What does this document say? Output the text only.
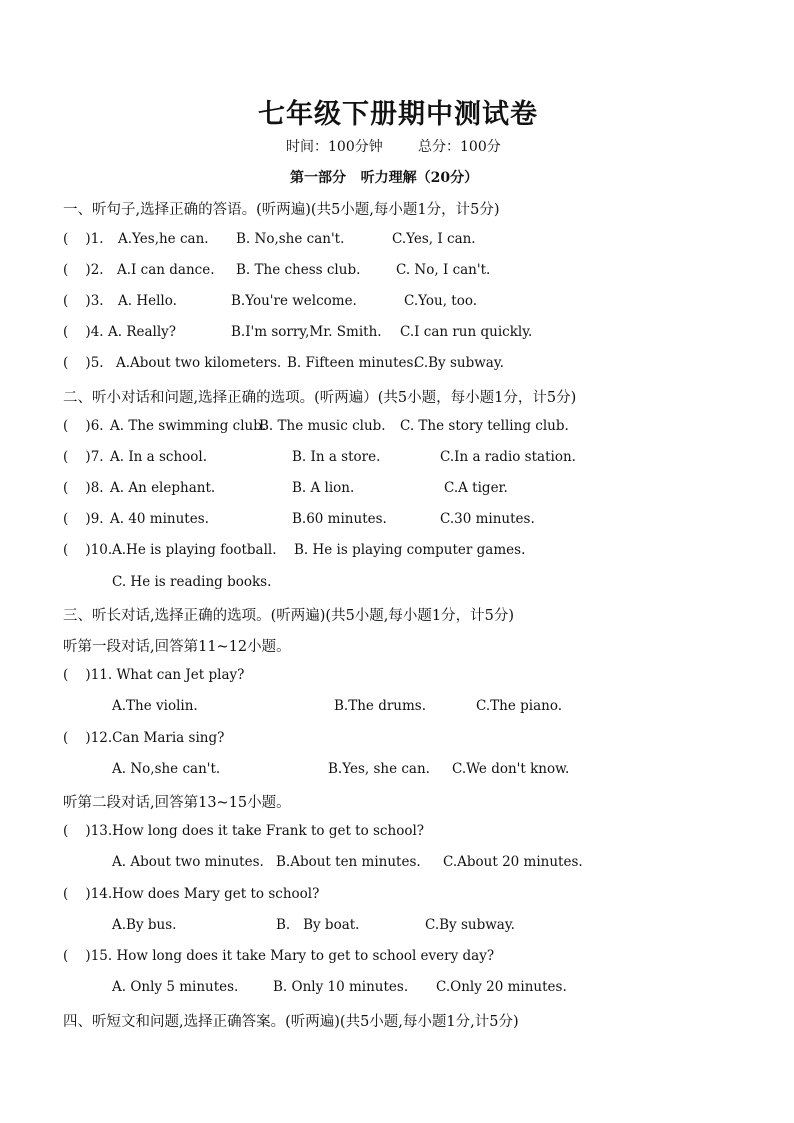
七年级下册期中测试卷
时间：100分钟	总分：100分
第一部分   听力理解（20分）
一、听句子,选择正确的答语。(听两遍)(共5小题,每小题1分，计5分)
(    )1. A.Yes,he can. B. No,she can't.	C.Yes, I can.
(    )2. A.I can dance. B. The chess club.	C. No, I can't.
(    )3. A. Hello.	B.You're welcome.	C.You, too.
(    )4. A. Really?	B.I'm sorry,Mr. Smith. C.I can run quickly.
(    )5. A.About two kilometers. B. Fifteen minutes.
C.By subway.
二、听小对话和问题,选择正确的选项。(听两遍）(共5小题，每小题1分，计5分)
(    )6. A. The swimming club.
B. The music club. C. The story telling club.
(    )7. A. In a school.	B. In a store.	C.In a radio station.
(    )8. A. An elephant.	B. A lion.	C.A tiger.
(    )9. A. 40 minutes.	B.60 minutes.	C.30 minutes.
(    )10. A.He is playing football. B. He is playing computer games.
C. He is reading books.
三、听长对话,选择正确的选项。(听两遍)(共5小题,每小题1分，计5分)
听第一段对话,回答第11~12小题。
(    )11. What can Jet play?
A.The violin.	B.The drums.	C.The piano.
(    )12.Can Maria sing?
A. No,she can't.	B.Yes, she can. C.We don't know.
听第二段对话,回答第13~15小题。
(    )13.How long does it take Frank to get to school?
A. About two minutes. B.About ten minutes. C.About 20 minutes.
(    )14.How does Mary get to school?
A.By bus.	B.   By boat.	C.By subway.
(    )15. How long does it take Mary to get to school every day?
A. Only 5 minutes.	B. Only 10 minutes. C.Only 20 minutes.
四、听短文和问题,选择正确答案。(听两遍)(共5小题,每小题1分,计5分)
